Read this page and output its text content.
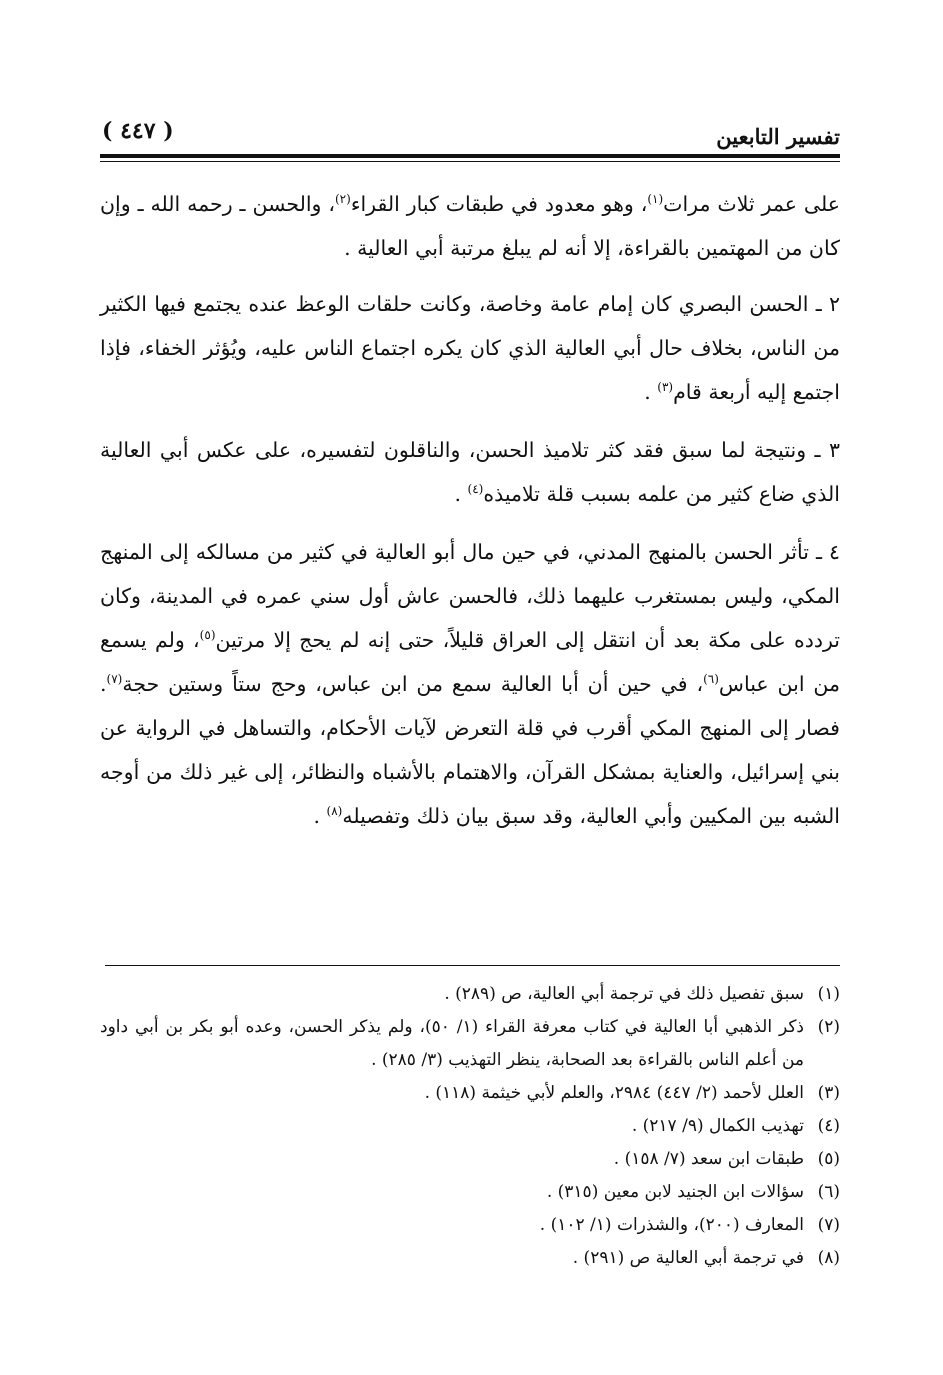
تفسير التابعين
( ٤٤٧ )

على عمر ثلاث مرات$^{(١)}$، وهو معدود في طبقات كبار القراء$^{(٢)}$، والحسن ـ رحمه الله ـ وإن كان من المهتمين بالقراءة، إلا أنه لم يبلغ مرتبة أبي العالية .

٢ ـ الحسن البصري كان إمام عامة وخاصة، وكانت حلقات الوعظ عنده يجتمع فيها الكثير من الناس، بخلاف حال أبي العالية الذي كان يكره اجتماع الناس عليه، ويُؤثر الخفاء، فإذا اجتمع إليه أربعة قام$^{(٣)}$ .

٣ ـ ونتيجة لما سبق فقد كثر تلاميذ الحسن، والناقلون لتفسيره، على عكس أبي العالية الذي ضاع كثير من علمه بسبب قلة تلاميذه$^{(٤)}$ .

٤ ـ تأثر الحسن بالمنهج المدني، في حين مال أبو العالية في كثير من مسالكه إلى المنهج المكي، وليس بمستغرب عليهما ذلك، فالحسن عاش أول سني عمره في المدينة، وكان تردده على مكة بعد أن انتقل إلى العراق قليلاً، حتى إنه لم يحج إلا مرتين$^{(٥)}$، ولم يسمع من ابن عباس$^{(٦)}$، في حين أن أبا العالية سمع من ابن عباس، وحج ستاً وستين حجة$^{(٧)}$. فصار إلى المنهج المكي أقرب في قلة التعرض لآيات الأحكام، والتساهل في الرواية عن بني إسرائيل، والعناية بمشكل القرآن، والاهتمام بالأشباه والنظائر، إلى غير ذلك من أوجه الشبه بين المكيين وأبي العالية، وقد سبق بيان ذلك وتفصيله$^{(٨)}$ .

(١)
سبق تفصيل ذلك في ترجمة أبي العالية، ص (٢٨٩) .
(٢)
ذكر الذهبي أبا العالية في كتاب معرفة القراء (١/ ٥٠)، ولم يذكر الحسن، وعده أبو بكر بن أبي داود من أعلم الناس بالقراءة بعد الصحابة، ينظر التهذيب (٣/ ٢٨٥) .
(٣)
العلل لأحمد (٢/ ٤٤٧) ٢٩٨٤، والعلم لأبي خيثمة (١١٨) .
(٤)
تهذيب الكمال (٩/ ٢١٧) .
(٥)
طبقات ابن سعد (٧/ ١٥٨) .
(٦)
سؤالات ابن الجنيد لابن معين (٣١٥) .
(٧)
المعارف (٢٠٠)، والشذرات (١/ ١٠٢) .
(٨)
في ترجمة أبي العالية ص (٢٩١) .
